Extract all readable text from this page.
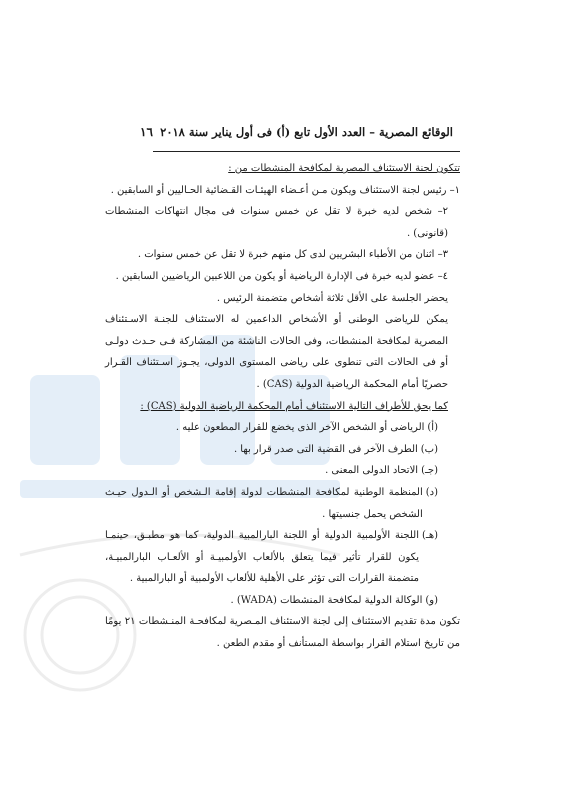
الوقائع المصرية – العدد الأول تابع (أ) فى أول يناير سنة ٢٠١٨
١٦

تتكون لجنة الاستئناف المصرية لمكافحة المنشطات من :

١– رئيس لجنة الاستئناف ويكون مـن أعـضاء الهيئـات القـضائية الحـاليين أو السابقين .

٢– شخص لديه خبرة لا تقل عن خمس سنوات فى مجال انتهاكات المنشطات (قانونى) .

٣– اثنان من الأطباء البشريين لدى كل منهم خبرة لا تقل عن خمس سنوات .

٤– عضو لديه خبرة فى الإدارة الرياضية أو يكون من اللاعبين الرياضيين السابقين .

يحضر الجلسة على الأقل ثلاثة أشخاص متضمنة الرئيس .

يمكن للرياضى الوطنى أو الأشخاص الداعمين له الاستئناف للجنـة الاسـتئناف المصرية لمكافحة المنشطات، وفى الحالات الناشئة من المشاركة فـى حـدث دولـى أو فى الحالات التى تنطوى على رياضى المستوى الدولى، يجـوز اسـتئناف القـرار حصريًا أمام المحكمة الرياضية الدولية (CAS) .

كما يحق للأطراف التالية الاستئناف أمام المحكمة الرياضية الدولية (CAS) :

(أ)
الرياضى أو الشخص الآخر الذى يخضع للقرار المطعون عليه .
(ب)
الطرف الآخر فى القضية التى صدر قرار بها .
(جـ)
الاتحاد الدولى المعنى .
(د)
المنظمة الوطنية لمكافحة المنشطات لدولة إقامة الـشخص أو الـدول حيـث الشخص يحمل جنسيتها .
(هـ)
اللجنة الأولمبية الدولية أو اللجنة البارالمبية الدولية، كما هو مطبـق، حينمـا يكون للقرار تأثير فيما يتعلق بالألعاب الأولمبيـة أو الألعـاب البارالمبيـة، متضمنة القرارات التى تؤثر على الأهلية للألعاب الأولمبية أو البارالمبية .
(و)
الوكالة الدولية لمكافحة المنشطات (WADA) .

تكون مدة تقديم الاستئناف إلى لجنة الاستئناف المـصرية لمكافحـة المنـشطات ٢١ يومًا من تاريخ استلام القرار بواسطة المستأنف أو مقدم الطعن .
